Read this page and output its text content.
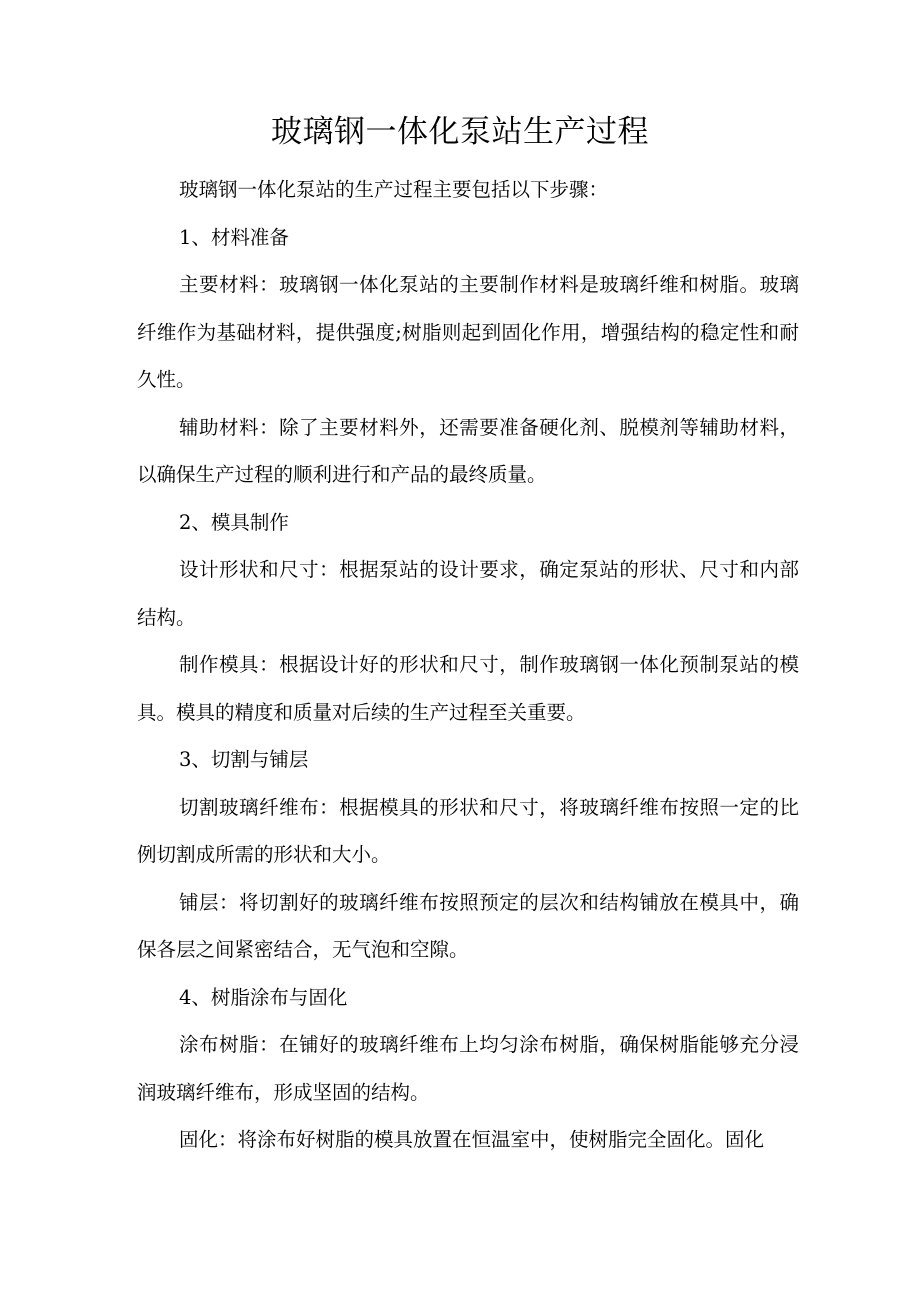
玻璃钢一体化泵站生产过程

玻璃钢一体化泵站的生产过程主要包括以下步骤：

1、材料准备

主要材料：玻璃钢一体化泵站的主要制作材料是玻璃纤维和树脂。玻璃纤维作为基础材料，提供强度;树脂则起到固化作用，增强结构的稳定性和耐久性。

辅助材料：除了主要材料外，还需要准备硬化剂、脱模剂等辅助材料，以确保生产过程的顺利进行和产品的最终质量。

2、模具制作

设计形状和尺寸：根据泵站的设计要求，确定泵站的形状、尺寸和内部结构。

制作模具：根据设计好的形状和尺寸，制作玻璃钢一体化预制泵站的模具。模具的精度和质量对后续的生产过程至关重要。

3、切割与铺层

切割玻璃纤维布：根据模具的形状和尺寸，将玻璃纤维布按照一定的比例切割成所需的形状和大小。

铺层：将切割好的玻璃纤维布按照预定的层次和结构铺放在模具中，确保各层之间紧密结合，无气泡和空隙。

4、树脂涂布与固化

涂布树脂：在铺好的玻璃纤维布上均匀涂布树脂，确保树脂能够充分浸润玻璃纤维布，形成坚固的结构。

固化：将涂布好树脂的模具放置在恒温室中，使树脂完全固化。固化
